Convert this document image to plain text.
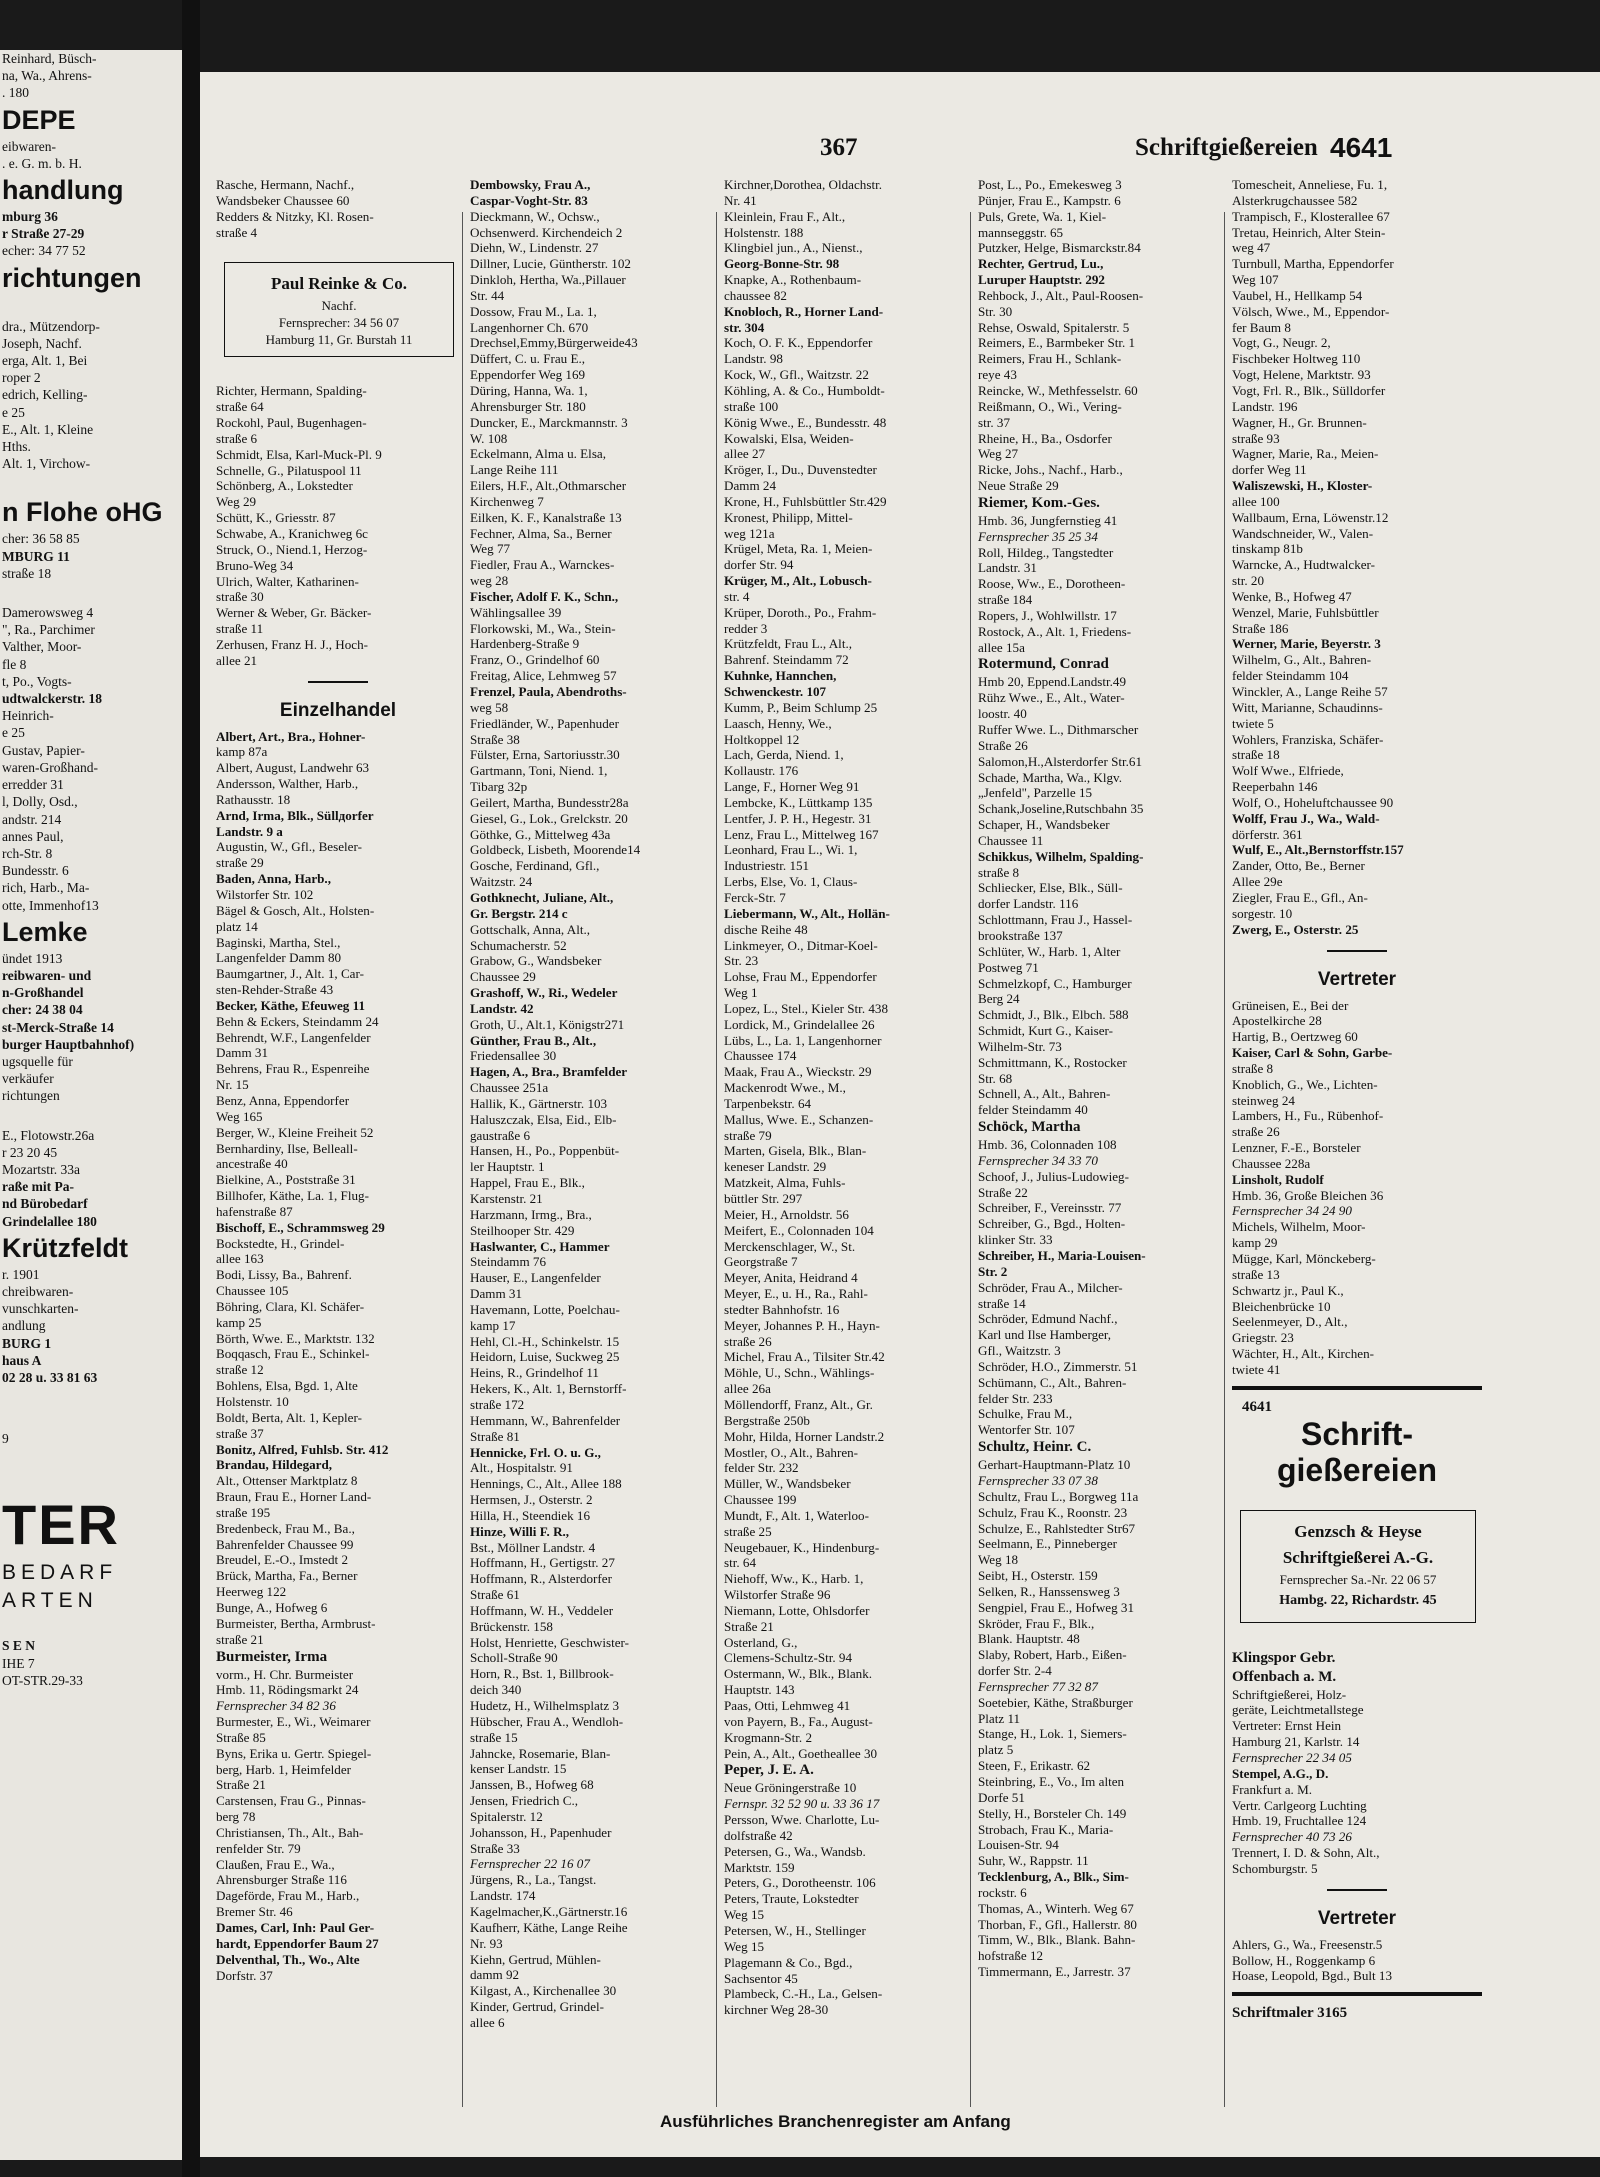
Reinhard, Büsch-
na, Wa., Ahrens-
. 180
DEPE
eibwaren-
. e. G. m. b. H.
handlung
mburg 36
r Straße 27-29
echer: 34 77 52
richtungen
dra., Mützendorp-
Joseph, Nachf.
erga, Alt. 1, Bei
roper 2
edrich, Kelling-
e 25
E., Alt. 1, Kleine
Hths.
Alt. 1, Virchow-
n Flohe oHG
cher: 36 58 85
MBURG 11
straße 18
Damerowsweg 4
", Ra., Parchimer
Valther, Moor-
fle 8
t, Po., Vogts-
udtwalckerstr. 18
Heinrich-
e 25
Gustav, Papier-
waren-Großhand-
erredder 31
l, Dolly, Osd.,
andstr. 214
annes Paul,
rch-Str. 8
Bundesstr. 6
rich, Harb., Ma-
otte, Immenhof13
Lemke
ündet 1913
reibwaren- und
n-Großhandel
cher: 24 38 04
st-Merck-Straße 14
burger Hauptbahnhof)
ugsquelle für
verkäufer
richtungen
E., Flotowstr.26a
r 23 20 45
Mozartstr. 33a
raße mit Pa-
nd Bürobedarf
Grindelallee 180
Krützfeldt
r. 1901
chreibwaren-
vunschkarten-
andlung
BURG 1
haus A
02 28 u. 33 81 63
9
TER
BEDARF
ARTEN
S E N
IHE 7
OT-STR.29-33
367	Schriftgießereien 4641
Rasche, Hermann, Nachf.,
Wandsbeker Chaussee 60
Redders & Nitzky, Kl. Rosen-
straße 4
Paul Reinke & Co.
Nachf.
Fernsprecher: 34 56 07
Hamburg 11, Gr. Burstah 11
Richter, Hermann, Spalding-
straße 64
Rockohl, Paul, Bugenhagen-
straße 6
Schmidt, Elsa, Karl-Muck-Pl. 9
Schnelle, G., Pilatuspool 11
Schönberg, A., Lokstedter
Weg 29
Schütt, K., Griesstr. 87
Schwabe, A., Kranichweg 6c
Struck, O., Niend.1, Herzog-
Bruno-Weg 34
Ulrich, Walter, Katharinen-
straße 30
Werner & Weber, Gr. Bäcker-
straße 11
Zerhusen, Franz H. J., Hoch-
allee 21
Einzelhandel
Albert, Art., Bra., Hohner-
kamp 87a
Albert, August, Landwehr 63
Andersson, Walther, Harb.,
Rathausstr. 18
Arnd, Irma, Blk., Süllдorfer
Landstr. 9 a
Augustin, W., Gfl., Beseler-
straße 29
Baden, Anna, Harb.,
Wilstorfer Str. 102
Bägel & Gosch, Alt., Holsten-
platz 14
Baginski, Martha, Stel.,
Langenfelder Damm 80
Baumgartner, J., Alt. 1, Car-
sten-Rehder-Straße 43
Becker, Käthe, Efeuweg 11
Behn & Eckers, Steindamm 24
Behrendt, W.F., Langenfelder
Damm 31
Behrens, Frau R., Espenreihe
Nr. 15
Benz, Anna, Eppendorfer
Weg 165
Berger, W., Kleine Freiheit 52
Bernhardiny, Ilse, Belleall-
ancestraße 40
Bielkine, A., Poststraße 31
Billhofer, Käthe, La. 1, Flug-
hafenstraße 87
Bischoff, E., Schrammsweg 29
Bockstedte, H., Grindel-
allee 163
Bodi, Lissy, Ba., Bahrenf.
Chaussee 105
Böhring, Clara, Kl. Schäfer-
kamp 25
Börth, Wwe. E., Marktstr. 132
Boqqasch, Frau E., Schinkel-
straße 12
Bohlens, Elsa, Bgd. 1, Alte
Holstenstr. 10
Boldt, Berta, Alt. 1, Kepler-
straße 37
Bonitz, Alfred, Fuhlsb. Str. 412
Brandau, Hildegard,
Alt., Ottenser Marktplatz 8
Braun, Frau E., Horner Land-
straße 195
Bredenbeck, Frau M., Ba.,
Bahrenfelder Chaussee 99
Breudel, E.-O., Imstedt 2
Brück, Martha, Fa., Berner
Heerweg 122
Bunge, A., Hofweg 6
Burmeister, Bertha, Armbrust-
straße 21
Burmeister, Irma
vorm., H. Chr. Burmeister
Hmb. 11, Rödingsmarkt 24
Fernsprecher 34 82 36
Burmester, E., Wi., Weimarer
Straße 85
Byns, Erika u. Gertr. Spiegel-
berg, Harb. 1, Heimfelder
Straße 21
Carstensen, Frau G., Pinnas-
berg 78
Christiansen, Th., Alt., Bah-
renfelder Str. 79
Claußen, Frau E., Wa.,
Ahrensburger Straße 116
Dageförde, Frau M., Harb.,
Bremer Str. 46
Dames, Carl, Inh: Paul Ger-
hardt, Eppendorfer Baum 27
Delventhal, Th., Wo., Alte
Dorfstr. 37
Dembowsky, Frau A.,
Caspar-Voght-Str. 83
Dieckmann, W., Ochsw.,
Ochsenwerd. Kirchendeich 2
Diehn, W., Lindenstr. 27
Dillner, Lucie, Güntherstr. 102
Dinkloh, Hertha, Wa.,Pillauer
Str. 44
Dossow, Frau M., La. 1,
Langenhorner Ch. 670
Drechsel,Emmy,Bürgerweide43
Düffert, C. u. Frau E.,
Eppendorfer Weg 169
Düring, Hanna, Wa. 1,
Ahrensburger Str. 180
Duncker, E., Marckmannstr. 3
W. 108
Eckelmann, Alma u. Elsa,
Lange Reihe 111
Eilers, H.F., Alt.,Othmarscher
Kirchenweg 7
Eilken, K. F., Kanalstraße 13
Fechner, Alma, Sa., Berner
Weg 77
Fiedler, Frau A., Warnckes-
weg 28
Fischer, Adolf F. K., Schn.,
Wählingsallee 39
Florkowski, M., Wa., Stein-
Hardenberg-Straße 9
Franz, O., Grindelhof 60
Freitag, Alice, Lehmweg 57
Frenzel, Paula, Abendroths-
weg 58
Friedländer, W., Papenhuder
Straße 38
Fülster, Erna, Sartoriusstr.30
Gartmann, Toni, Niend. 1,
Tibarg 32p
Geilert, Martha, Bundesstr28a
Giesel, G., Lok., Grelckstr. 20
Göthke, G., Mittelweg 43a
Goldbeck, Lisbeth, Moorende14
Gosche, Ferdinand, Gfl.,
Waitzstr. 24
Gothknecht, Juliane, Alt.,
Gr. Bergstr. 214 c
Gottschalk, Anna, Alt.,
Schumacherstr. 52
Grabow, G., Wandsbeker
Chaussee 29
Grashoff, W., Ri., Wedeler
Landstr. 42
Groth, U., Alt.1, Königstr271
Günther, Frau B., Alt.,
Friedensallee 30
Hagen, A., Bra., Bramfelder
Chaussee 251a
Hallik, K., Gärtnerstr. 103
Haluszczak, Elsa, Eid., Elb-
gaustraße 6
Hansen, H., Po., Poppenbüt-
ler Hauptstr. 1
Happel, Frau E., Blk.,
Karstenstr. 21
Harzmann, Irmg., Bra.,
Steilhooper Str. 429
Haslwanter, C., Hammer
Steindamm 76
Hauser, E., Langenfelder
Damm 31
Havemann, Lotte, Poelchau-
kamp 17
Hehl, Cl.-H., Schinkelstr. 15
Heidorn, Luise, Suckweg 25
Heins, R., Grindelhof 11
Hekers, K., Alt. 1, Bernstorff-
straße 172
Hemmann, W., Bahrenfelder
Straße 81
Hennicke, Frl. O. u. G.,
Alt., Hospitalstr. 91
Hennings, C., Alt., Allee 188
Hermsen, J., Osterstr. 2
Hilla, H., Steendiek 16
Hinze, Willi F. R.,
Bst., Möllner Landstr. 4
Hoffmann, H., Gertigstr. 27
Hoffmann, R., Alsterdorfer
Straße 61
Hoffmann, W. H., Veddeler
Brückenstr. 158
Holst, Henriette, Geschwister-
Scholl-Straße 90
Horn, R., Bst. 1, Billbrook-
deich 340
Hudetz, H., Wilhelmsplatz 3
Hübscher, Frau A., Wendloh-
straße 15
Jahncke, Rosemarie, Blan-
kenser Landstr. 15
Janssen, B., Hofweg 68
Jensen, Friedrich C.,
Spitalerstr. 12
Johansson, H., Papenhuder
Straße 33
Fernsprecher 22 16 07
Jürgens, R., La., Tangst.
Landstr. 174
Kagelmacher,K.,Gärtnerstr.16
Kaufherr, Käthe, Lange Reihe
Nr. 93
Kiehn, Gertrud, Mühlen-
damm 92
Kilgast, A., Kirchenallee 30
Kinder, Gertrud, Grindel-
allee 6
Kirchner,Dorothea, Oldachstr.
Nr. 41
Kleinlein, Frau F., Alt.,
Holstenstr. 188
Klingbiel jun., A., Nienst.,
Georg-Bonne-Str. 98
Knapke, A., Rothenbaum-
chaussee 82
Knobloch, R., Horner Land-
str. 304
Koch, O. F. K., Eppendorfer
Landstr. 98
Kock, W., Gfl., Waitzstr. 22
Köhling, A. & Co., Humboldt-
straße 100
König Wwe., E., Bundesstr. 48
Kowalski, Elsa, Weiden-
allee 27
Kröger, I., Du., Duvenstedter
Damm 24
Krone, H., Fuhlsbüttler Str.429
Kronest, Philipp, Mittel-
weg 121a
Krügel, Meta, Ra. 1, Meien-
dorfer Str. 94
Krüger, M., Alt., Lobusch-
str. 4
Krüper, Doroth., Po., Frahm-
redder 3
Krützfeldt, Frau L., Alt.,
Bahrenf. Steindamm 72
Kuhnke, Hannchen,
Schwenckestr. 107
Kumm, P., Beim Schlump 25
Laasch, Henny, We.,
Holtkoppel 12
Lach, Gerda, Niend. 1,
Kollaustr. 176
Lange, F., Horner Weg 91
Lembcke, K., Lüttkamp 135
Lentfer, J. P. H., Hegestr. 31
Lenz, Frau L., Mittelweg 167
Leonhard, Frau L., Wi. 1,
Industriestr. 151
Lerbs, Else, Vo. 1, Claus-
Ferck-Str. 7
Liebermann, W., Alt., Hollän-
dische Reihe 48
Linkmeyer, O., Ditmar-Koel-
Str. 23
Lohse, Frau M., Eppendorfer
Weg 1
Lopez, L., Stel., Kieler Str. 438
Lordick, M., Grindelallee 26
Lübs, L., La. 1, Langenhorner
Chaussee 174
Maak, Frau A., Wieckstr. 29
Mackenrodt Wwe., M.,
Tarpenbekstr. 64
Mallus, Wwe. E., Schanzen-
straße 79
Marten, Gisela, Blk., Blan-
keneser Landstr. 29
Matzkeit, Alma, Fuhls-
büttler Str. 297
Meier, H., Arnoldstr. 56
Meifert, E., Colonnaden 104
Merckenschlager, W., St.
Georgstraße 7
Meyer, Anita, Heidrand 4
Meyer, E., u. H., Ra., Rahl-
stedter Bahnhofstr. 16
Meyer, Johannes P. H., Hayn-
straße 26
Michel, Frau A., Tilsiter Str.42
Möhle, U., Schn., Wählings-
allee 26a
Möllendorff, Franz, Alt., Gr.
Bergstraße 250b
Mohr, Hilda, Horner Landstr.2
Mostler, O., Alt., Bahren-
felder Str. 232
Müller, W., Wandsbeker
Chaussee 199
Mundt, F., Alt. 1, Waterloo-
straße 25
Neugebauer, K., Hindenburg-
str. 64
Niehoff, Ww., K., Harb. 1,
Wilstorfer Straße 96
Niemann, Lotte, Ohlsdorfer
Straße 21
Osterland, G.,
Clemens-Schultz-Str. 94
Ostermann, W., Blk., Blank.
Hauptstr. 143
Paas, Otti, Lehmweg 41
von Payern, B., Fa., August-
Krogmann-Str. 2
Pein, A., Alt., Goetheallee 30
Peper, J. E. A.
Neue Gröningerstraße 10
Fernspr. 32 52 90 u. 33 36 17
Persson, Wwe. Charlotte, Lu-
dolfstraße 42
Petersen, G., Wa., Wandsb.
Marktstr. 159
Peters, G., Dorotheenstr. 106
Peters, Traute, Lokstedter
Weg 15
Petersen, W., H., Stellinger
Weg 15
Plagemann & Co., Bgd.,
Sachsentor 45
Plambeck, C.-H., La., Gelsen-
kirchner Weg 28-30
Post, L., Po., Emekesweg 3
Pünjer, Frau E., Kampstr. 6
Puls, Grete, Wa. 1, Kiel-
mannseggstr. 65
Putzker, Helge, Bismarckstr.84
Rechter, Gertrud, Lu.,
Luruper Hauptstr. 292
Rehbock, J., Alt., Paul-Roosen-
Str. 30
Rehse, Oswald, Spitalerstr. 5
Reimers, E., Barmbeker Str. 1
Reimers, Frau H., Schlank-
reye 43
Reincke, W., Methfesselstr. 60
Reißmann, O., Wi., Vering-
str. 37
Rheine, H., Ba., Osdorfer
Weg 27
Ricke, Johs., Nachf., Harb.,
Neue Straße 29
Riemer, Kom.-Ges.
Hmb. 36, Jungfernstieg 41
Fernsprecher 35 25 34
Roll, Hildeg., Tangstedter
Landstr. 31
Roose, Ww., E., Dorotheen-
straße 184
Ropers, J., Wohlwillstr. 17
Rostock, A., Alt. 1, Friedens-
allee 15a
Rotermund, Conrad
Hmb 20, Eppend.Landstr.49
Rühz Wwe., E., Alt., Water-
loostr. 40
Ruffer Wwe. L., Dithmarscher
Straße 26
Salomon,H.,Alsterdorfer Str.61
Schade, Martha, Wa., Klgv.
„Jenfeld", Parzelle 15
Schank,Joseline,Rutschbahn 35
Schaper, H., Wandsbeker
Chaussee 11
Schikkus, Wilhelm, Spalding-
straße 8
Schliecker, Else, Blk., Süll-
dorfer Landstr. 116
Schlottmann, Frau J., Hassel-
brookstraße 137
Schlüter, W., Harb. 1, Alter
Postweg 71
Schmelzkopf, C., Hamburger
Berg 24
Schmidt, J., Blk., Elbch. 588
Schmidt, Kurt G., Kaiser-
Wilhelm-Str. 73
Schmittmann, K., Rostocker
Str. 68
Schnell, A., Alt., Bahren-
felder Steindamm 40
Schöck, Martha
Hmb. 36, Colonnaden 108
Fernsprecher 34 33 70
Schoof, J., Julius-Ludowieg-
Straße 22
Schreiber, F., Vereinsstr. 77
Schreiber, G., Bgd., Holten-
klinker Str. 33
Schreiber, H., Maria-Louisen-
Str. 2
Schröder, Frau A., Milcher-
straße 14
Schröder, Edmund Nachf.,
Karl und Ilse Hamberger,
Gfl., Waitzstr. 3
Schröder, H.O., Zimmerstr. 51
Schümann, C., Alt., Bahren-
felder Str. 233
Schulke, Frau M.,
Wentorfer Str. 107
Schultz, Heinr. C.
Gerhart-Hauptmann-Platz 10
Fernsprecher 33 07 38
Schultz, Frau L., Borgweg 11a
Schulz, Frau K., Roonstr. 23
Schulze, E., Rahlstedter Str67
Seelmann, E., Pinneberger
Weg 18
Seibt, H., Osterstr. 159
Selken, R., Hanssensweg 3
Sengpiel, Frau E., Hofweg 31
Skröder, Frau F., Blk.,
Blank. Hauptstr. 48
Slaby, Robert, Harb., Eißen-
dorfer Str. 2-4
Fernsprecher 77 32 87
Soetebier, Käthe, Straßburger
Platz 11
Stange, H., Lok. 1, Siemers-
platz 5
Steen, F., Erikastr. 62
Steinbring, E., Vo., Im alten
Dorfe 51
Stelly, H., Borsteler Ch. 149
Strobach, Frau K., Maria-
Louisen-Str. 94
Suhr, W., Rappstr. 11
Tecklenburg, A., Blk., Sim-
rockstr. 6
Thomas, A., Winterh. Weg 67
Thorban, F., Gfl., Hallerstr. 80
Timm, W., Blk., Blank. Bahn-
hofstraße 12
Timmermann, E., Jarrestr. 37
Tomescheit, Anneliese, Fu. 1,
Alsterkrugchaussee 582
Trampisch, F., Klosterallee 67
Tretau, Heinrich, Alter Stein-
weg 47
Turnbull, Martha, Eppendorfer
Weg 107
Vaubel, H., Hellkamp 54
Völsch, Wwe., M., Eppendor-
fer Baum 8
Vogt, G., Neugr. 2,
Fischbeker Holtweg 110
Vogt, Helene, Marktstr. 93
Vogt, Frl. R., Blk., Sülldorfer
Landstr. 196
Wagner, H., Gr. Brunnen-
straße 93
Wagner, Marie, Ra., Meien-
dorfer Weg 11
Waliszewski, H., Kloster-
allee 100
Wallbaum, Erna, Löwenstr.12
Wandschneider, W., Valen-
tinskamp 81b
Warncke, A., Hudtwalcker-
str. 20
Wenke, B., Hofweg 47
Wenzel, Marie, Fuhlsbüttler
Straße 186
Werner, Marie, Beyerstr. 3
Wilhelm, G., Alt., Bahren-
felder Steindamm 104
Winckler, A., Lange Reihe 57
Witt, Marianne, Schaudinns-
twiete 5
Wohlers, Franziska, Schäfer-
straße 18
Wolf Wwe., Elfriede,
Reeperbahn 146
Wolf, O., Hoheluftchaussee 90
Wolff, Frau J., Wa., Wald-
dörferstr. 361
Wulf, E., Alt.,Bernstorffstr.157
Zander, Otto, Be., Berner
Allee 29e
Ziegler, Frau E., Gfl., An-
sorgestr. 10
Zwerg, E., Osterstr. 25
Vertreter
Grüneisen, E., Bei der
Apostelkirche 28
Hartig, B., Oertzweg 60
Kaiser, Carl & Sohn, Garbe-
straße 8
Knoblich, G., We., Lichten-
steinweg 24
Lambers, H., Fu., Rübenhof-
straße 26
Lenzner, F.-E., Borsteler
Chaussee 228a
Linsholt, Rudolf
Hmb. 36, Große Bleichen 36
Fernsprecher 34 24 90
Michels, Wilhelm, Moor-
kamp 29
Mügge, Karl, Mönckeberg-
straße 13
Schwartz jr., Paul K.,
Bleichenbrücke 10
Seelenmeyer, D., Alt.,
Griegstr. 23
Wächter, H., Alt., Kirchen-
twiete 41
4641
Schrift-
gießereien
Genzsch & Heyse
Schriftgießerei A.-G.
Fernsprecher Sa.-Nr. 22 06 57
Hambg. 22, Richardstr. 45
Klingspor Gebr.
Offenbach a. M.
Schriftgießerei, Holz-
geräte, Leichtmetallstege
Vertreter: Ernst Hein
Hamburg 21, Karlstr. 14
Fernsprecher 22 34 05
Stempel, A.G., D.
Frankfurt a. M.
Vertr. Carlgeorg Luchting
Hmb. 19, Fruchtallee 124
Fernsprecher 40 73 26
Trennert, I. D. & Sohn, Alt.,
Schomburgstr. 5
Vertreter
Ahlers, G., Wa., Freesenstr.5
Bollow, H., Roggenkamp 6
Hoase, Leopold, Bgd., Bult 13
Schriftmaler 3165
Ausführliches Branchenregister am Anfang
